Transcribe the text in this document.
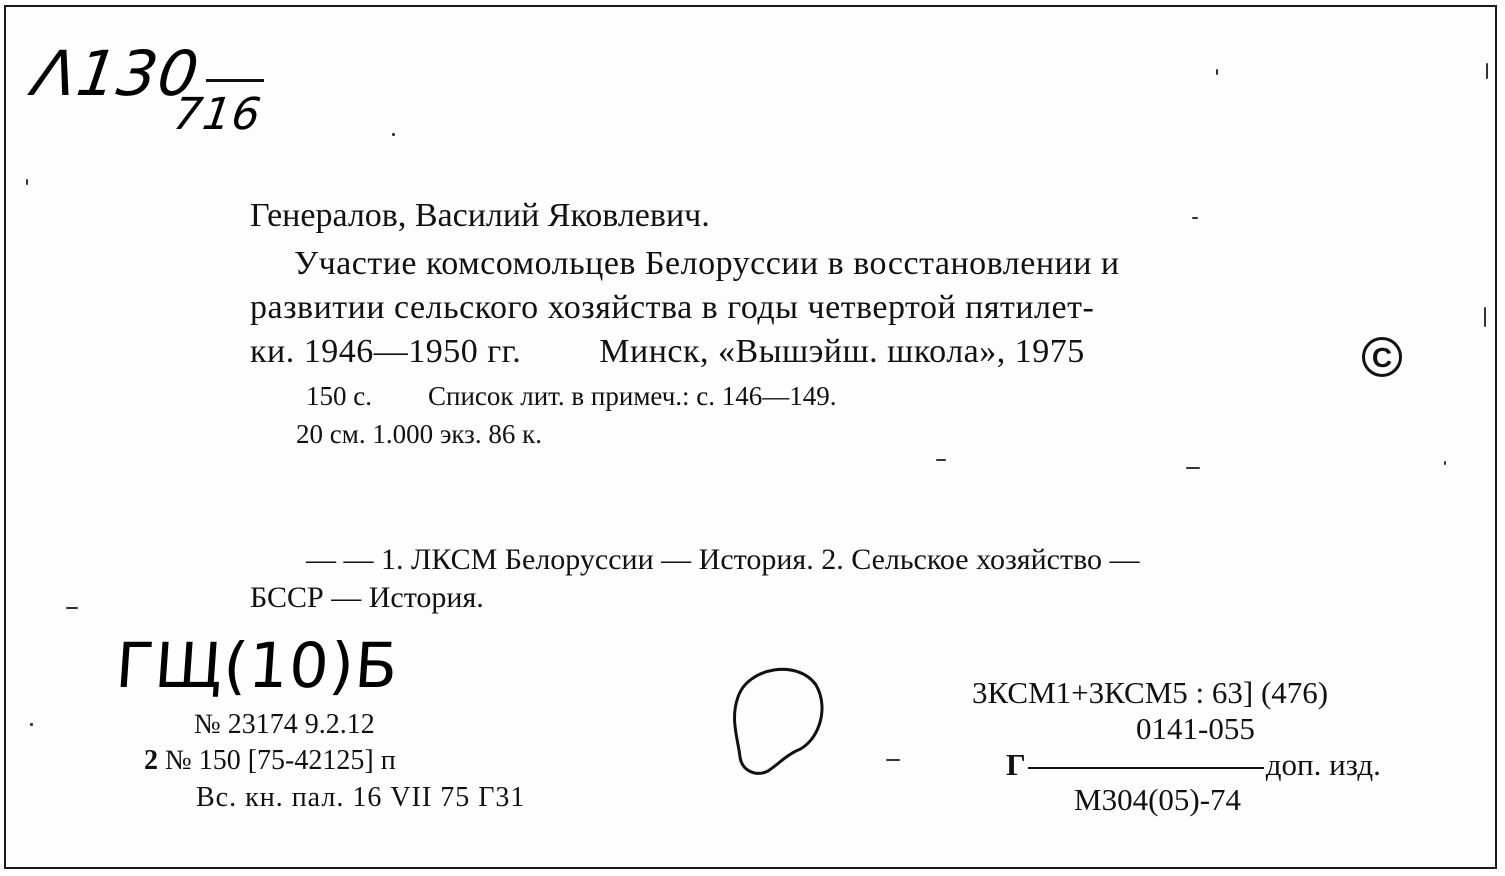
Λ130
716
Генералов, Василий Яковлевич.
Участие комсомольцев Белоруссии в восстановлении и
развитии сельского хозяйства в годы четвертой пятилет-
ки. 1946—1950 гг. Минск, «Вышэйш. школа», 1975	C
150 с. Список лит. в примеч.: с. 146—149.
20 см. 1.000 экз. 86 к.
— — 1. ЛКСМ Белоруссии — История. 2. Сельское хозяйство —
БССР — История.
ГЩ(10)Б
№ 23174 9.2.12
2 № 150 [75-42125] п
Вс. кн. пал. 16 VII 75 Г31
3КСМ1+3КСМ5 : 63] (476)
0141-055
Г	доп. изд.
М304(05)-74
